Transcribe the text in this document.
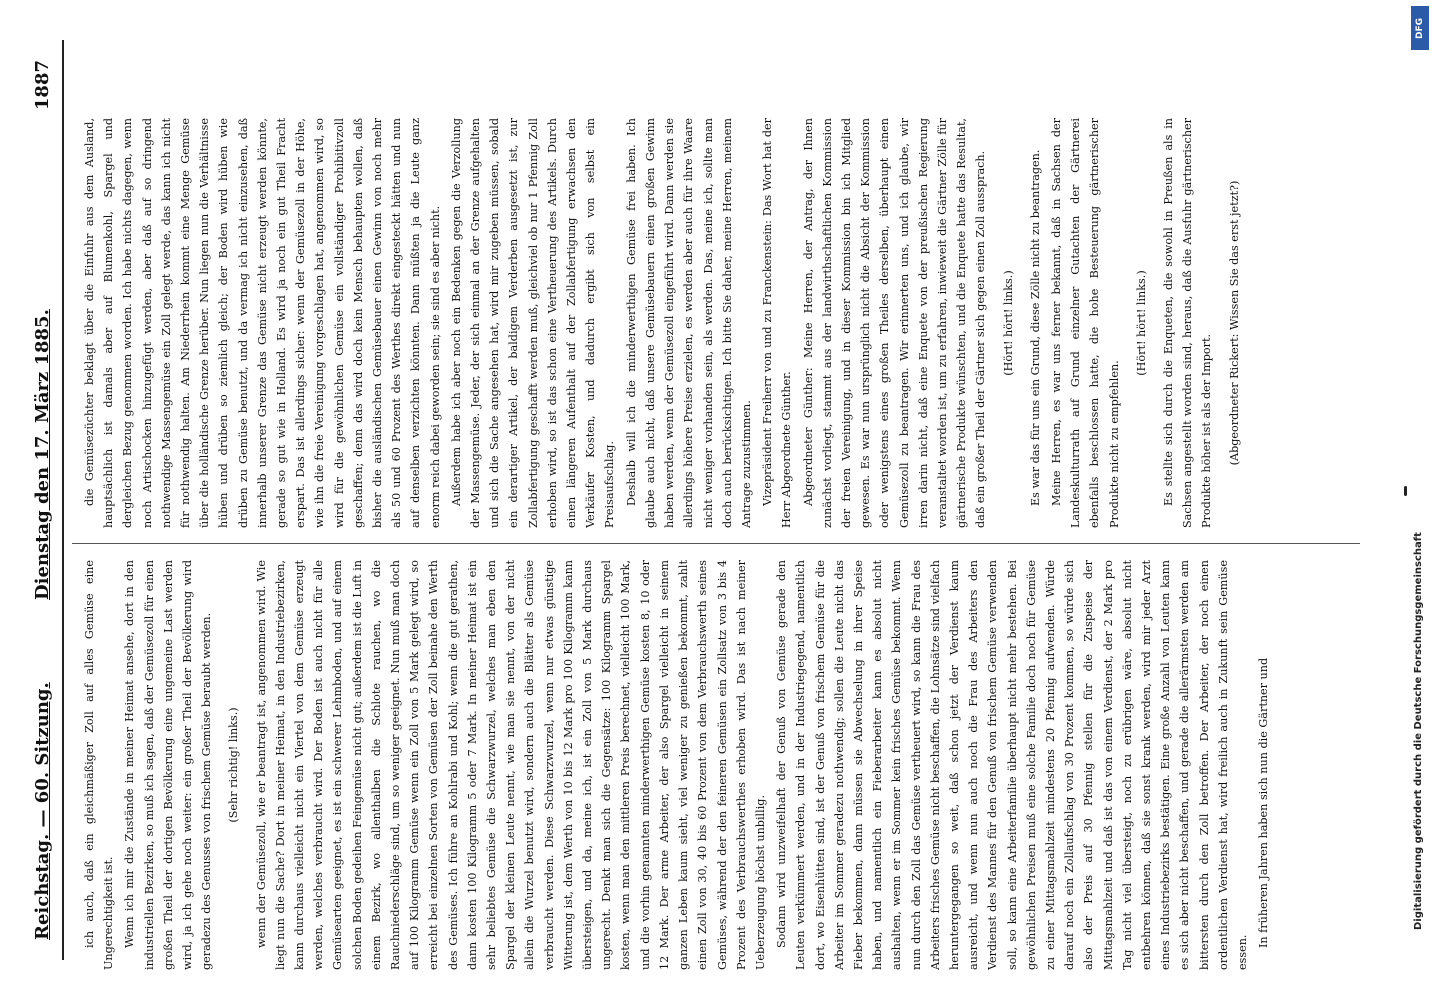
Reichstag. — 60. Sitzung.
Dienstag den 17. März 1885.
1887

ich auch, daß ein gleichmäßiger Zoll auf alles Gemüse eine Ungerechtigkeit ist. Wenn ich mir die Zustände in meiner Heimat ansehe, dort in den industriellen Bezirken, so muß ich sagen, daß der Gemüsezoll für einen großen Theil der dortigen Bevölkerung eine ungemeine Last werden wird, ja ich gehe noch weiter: ein großer Theil der Bevölkerung wird geradezu des Genusses von frischem Gemüse beraubt werden. (Sehr richtig! links.) wenn der Gemüsezoll, wie er beantragt ist, angenommen wird. Wie liegt nun die Sache? Dort in meiner Heimat, in den Industriebezirken, kann durchaus vielleicht nicht ein Viertel von dem Gemüse erzeugt werden, welches verbraucht wird. Der Boden ist auch nicht für alle Gemüsearten geeignet, es ist ein schwerer Lehmboden, und auf einem solchen Boden gedeihen Feingemüse nicht gut; außerdem ist die Luft in einem Bezirk, wo allenthalben die Schlote rauchen, wo die Rauchniederschläge sind, um so weniger geeignet. Nun muß man doch auf 100 Kilogramm Gemüse wenn ein Zoll von 5 Mark gelegt wird, so erreicht bei einzelnen Sorten von Gemüsen der Zoll beinahe den Werth des Gemüses. Ich führe an Kohlrabi und Kohl; wenn die gut gerathen, dann kosten 100 Kilogramm 5 oder 7 Mark. In meiner Heimat ist ein sehr beliebtes Gemüse die Schwarzwurzel, welches man eben den Spargel der kleinen Leute nennt, wie man sie nennt, von der nicht allein die Wurzel benutzt wird, sondern auch die Blätter als Gemüse verbraucht werden. Diese Schwarzwurzel, wenn nur etwas günstige Witterung ist, dem Werth von 10 bis 12 Mark pro 100 Kilogramm kann übersteigen, und da, meine ich, ist ein Zoll von 5 Mark durchaus ungerecht. Denkt man sich die Gegensätze: 100 Kilogramm Spargel kosten, wenn man den mittleren Preis berechnet, vielleicht 100 Mark, und die vorhin genannten minderwerthigen Gemüse kosten 8, 10 oder 12 Mark. Der arme Arbeiter, der also Spargel vielleicht in seinem ganzen Leben kaum sieht, viel weniger zu genießen bekommt, zahlt einen Zoll von 30, 40 bis 60 Prozent von dem Verbrauchswerth seines Gemüses, während der den feineren Gemüsen ein Zollsatz von 3 bis 4 Prozent des Verbrauchswerthes erhoben wird. Das ist nach meiner Ueberzeugung höchst unbillig. Sodann wird unzweifelhaft der Genuß von Gemüse gerade den Leuten verkümmert werden, und in der Industriegegend, namentlich dort, wo Eisenhütten sind, ist der Genuß von frischem Gemüse für die Arbeiter im Sommer geradezu nothwendig; sollen die Leute nicht das Fieber bekommen, dann müssen sie Abwechselung in ihrer Speise haben, und namentlich ein Fieberarbeiter kann es absolut nicht aushalten, wenn er im Sommer kein frisches Gemüse bekommt. Wenn nun durch den Zoll das Gemüse vertheuert wird, so kann die Frau des Arbeiters frisches Gemüse nicht beschaffen, die Lohnsätze sind vielfach heruntergegangen so weit, daß schon jetzt der Verdienst kaum ausreicht, und wenn nun auch noch die Frau des Arbeiters den Verdienst des Mannes für den Genuß von frischem Gemüse verwenden soll, so kann eine Arbeiterfamilie überhaupt nicht mehr bestehen. Bei gewöhnlichen Preisen muß eine solche Familie doch noch für Gemüse zu einer Mittagsmahlzeit mindestens 20 Pfennig aufwenden. Würde darauf noch ein Zollaufschlag von 30 Prozent kommen, so würde sich also der Preis auf 30 Pfennig stellen für die Zuspeise der Mittagsmahlzeit und daß ist das von einem Verdienst, der 2 Mark pro Tag nicht viel übersteigt, noch zu erübrigen wäre, absolut nicht entbehren können, daß sie sonst krank werden, wird mir jeder Arzt eines Industriebezirks bestätigen. Eine große Anzahl von Leuten kann es sich aber nicht beschaffen, und gerade die allerärmsten werden am bittersten durch den Zoll betroffen. Der Arbeiter, der noch einen ordentlichen Verdienst hat, wird freilich auch in Zukunft sein Gemüse essen.

In früheren Jahren haben sich nun die Gärtner und

die Gemüsezüchter beklagt über die Einfuhr aus dem Ausland, hauptsächlich ist damals aber auf Blumenkohl, Spargel und dergleichen Bezug genommen worden. Ich habe nichts dagegen, wenn noch Artischocken hinzugefügt werden, aber daß auf so dringend nothwendige Massengemüse ein Zoll gelegt werde, das kann ich nicht für nothwendig halten. Am Niederrhein kommt eine Menge Gemüse über die holländische Grenze herüber. Nun liegen nun die Verhältnisse hüben und drüben so ziemlich gleich; der Boden wird hüben wie drüben zu Gemüse benutzt, und da vermag ich nicht einzusehen, daß innerhalb unserer Grenze das Gemüse nicht erzeugt werden könnte, gerade so gut wie in Holland. Es wird ja noch ein gut Theil Fracht erspart. Das ist allerdings sicher: wenn der Gemüsezoll in der Höhe, wie ihn die freie Vereinigung vorgeschlagen hat, angenommen wird, so wird für die gewöhnlichen Gemüse ein vollständiger Prohibitivzoll geschaffen; denn das wird doch kein Mensch behaupten wollen, daß bisher die ausländischen Gemüsebauer einen Gewinn von noch mehr als 50 und 60 Prozent des Werthes direkt eingesteckt hätten und nun auf denselben verzichten könnten. Dann müßten ja die Leute ganz enorm reich dabei geworden sein; sie sind es aber nicht. Außerdem habe ich aber noch ein Bedenken gegen die Verzollung der Massengemüse. Jeder, der sich einmal an der Grenze aufgehalten und sich die Sache angesehen hat, wird mir zugeben müssen, sobald ein derartiger Artikel, der baldigem Verderben ausgesetzt ist, zur Zollabfertigung geschafft werden muß, gleichviel ob nur 1 Pfennig Zoll erhoben wird, so ist das schon eine Vertheuerung des Artikels. Durch einen längeren Aufenthalt auf der Zollabfertigung erwachsen den Verkäufer Kosten, und dadurch ergibt sich von selbst ein Preisaufschlag. Deshalb will ich die minderwerthigen Gemüse frei haben. Ich glaube auch nicht, daß unsere Gemüsebauern einen großen Gewinn haben werden, wenn der Gemüsezoll eingeführt wird. Dann werden sie allerdings höhere Preise erzielen, es werden aber auch für ihre Waare nicht weniger vorhanden sein, als werden. Das, meine ich, sollte man doch auch berücksichtigen. Ich bitte Sie daher, meine Herren, meinem Antrage zuzustimmen. Vizepräsident Freiherr von und zu Franckenstein: Das Wort hat der Herr Abgeordnete Günther. Abgeordneter Günther: Meine Herren, der Antrag, der Ihnen zunächst vorliegt, stammt aus der landwirthschaftlichen Kommission der freien Vereinigung, und in dieser Kommission bin ich Mitglied gewesen. Es war nun ursprünglich nicht die Absicht der Kommission oder wenigstens eines großen Theiles derselben, überhaupt einen Gemüsezoll zu beantragen. Wir erinnerten uns, und ich glaube, wir irren darin nicht, daß eine Enquete von der preußischen Regierung veranstaltet worden ist, um zu erfahren, inwieweit die Gärtner Zölle für gärtnerische Produkte wünschten, und die Enquete hatte das Resultat, daß ein großer Theil der Gärtner sich gegen einen Zoll aussprach. (Hört! hört! links.) Es war das für uns ein Grund, diese Zölle nicht zu beantragen. Meine Herren, es war uns ferner bekannt, daß in Sachsen der Landeskulturrath auf Grund einzelner Gutachten der Gärtnerei ebenfalls beschlossen hatte, die hohe Besteuerung gärtnerischer Produkte nicht zu empfehlen.

(Hört! hört! links.) Es stellte sich durch die Enqueten, die sowohl in Preußen als in Sachsen angestellt worden sind, heraus, daß die Ausfuhr gärtnerischer Produkte höher ist als der Import. (Abgeordneter Rickert: Wissen Sie das erst jetzt?)

DFG
Digitalisierung gefördert durch die Deutsche Forschungsgemeinschaft
